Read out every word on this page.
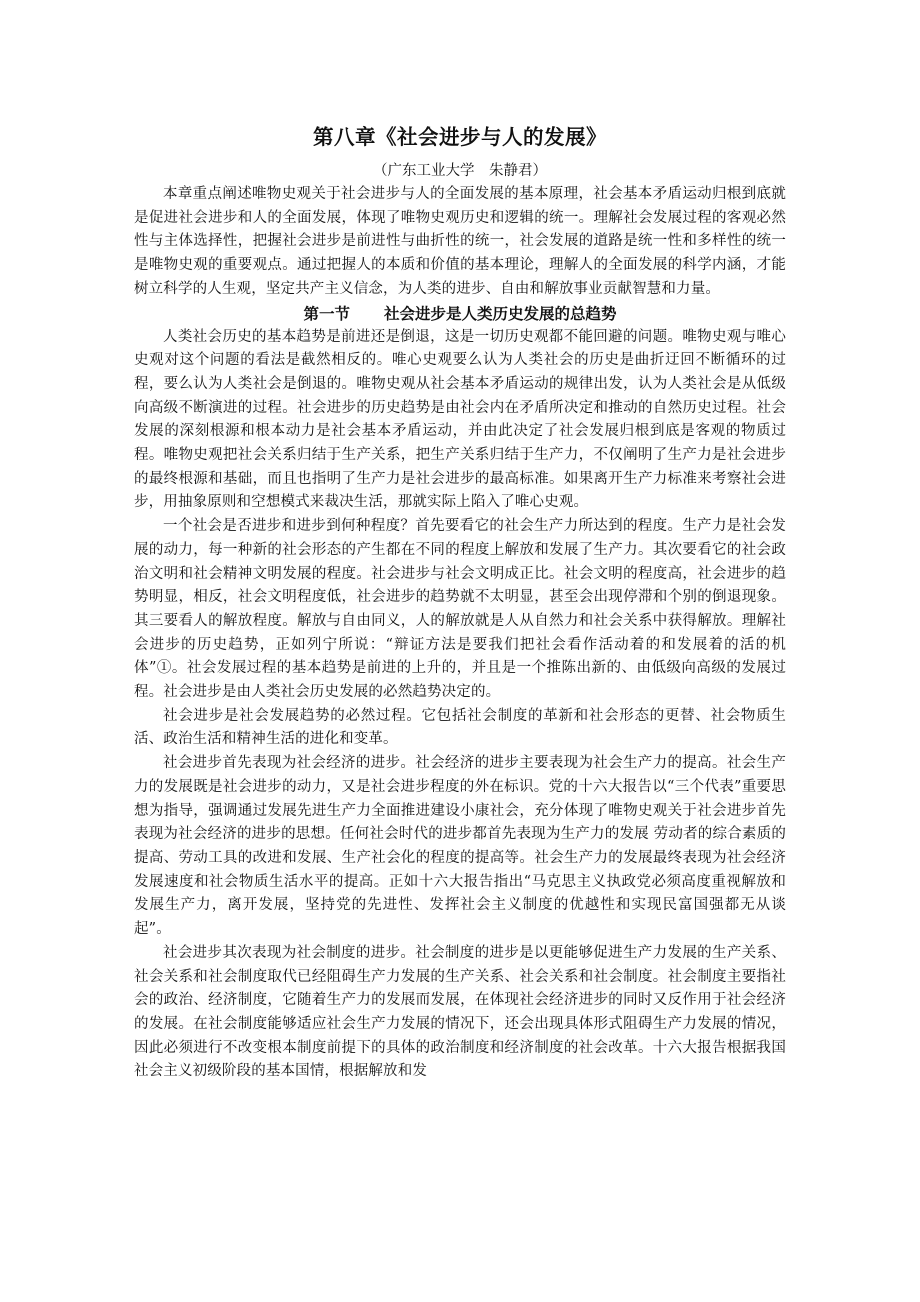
第八章《社会进步与人的发展》

（广东工业大学　朱静君）

本章重点阐述唯物史观关于社会进步与人的全面发展的基本原理，社会基本矛盾运动归根到底就是促进社会进步和人的全面发展，体现了唯物史观历史和逻辑的统一。理解社会发展过程的客观必然性与主体选择性，把握社会进步是前进性与曲折性的统一，社会发展的道路是统一性和多样性的统一是唯物史观的重要观点。通过把握人的本质和价值的基本理论，理解人的全面发展的科学内涵，才能树立科学的人生观，坚定共产主义信念，为人类的进步、自由和解放事业贡献智慧和力量。

第一节 社会进步是人类历史发展的总趋势

人类社会历史的基本趋势是前进还是倒退，这是一切历史观都不能回避的问题。唯物史观与唯心史观对这个问题的看法是截然相反的。唯心史观要么认为人类社会的历史是曲折迂回不断循环的过程，要么认为人类社会是倒退的。唯物史观从社会基本矛盾运动的规律出发，认为人类社会是从低级向高级不断演进的过程。社会进步的历史趋势是由社会内在矛盾所决定和推动的自然历史过程。社会发展的深刻根源和根本动力是社会基本矛盾运动，并由此决定了社会发展归根到底是客观的物质过程。唯物史观把社会关系归结于生产关系，把生产关系归结于生产力，不仅阐明了生产力是社会进步的最终根源和基础，而且也指明了生产力是社会进步的最高标准。如果离开生产力标准来考察社会进步，用抽象原则和空想模式来裁决生活，那就实际上陷入了唯心史观。

一个社会是否进步和进步到何种程度？首先要看它的社会生产力所达到的程度。生产力是社会发展的动力，每一种新的社会形态的产生都在不同的程度上解放和发展了生产力。其次要看它的社会政治文明和社会精神文明发展的程度。社会进步与社会文明成正比。社会文明的程度高，社会进步的趋势明显，相反，社会文明程度低，社会进步的趋势就不太明显，甚至会出现停滞和个别的倒退现象。其三要看人的解放程度。解放与自由同义，人的解放就是人从自然力和社会关系中获得解放。理解社会进步的历史趋势，正如列宁所说：“辩证方法是要我们把社会看作活动着的和发展着的活的机体”①。社会发展过程的基本趋势是前进的上升的，并且是一个推陈出新的、由低级向高级的发展过程。社会进步是由人类社会历史发展的必然趋势决定的。

社会进步是社会发展趋势的必然过程。它包括社会制度的革新和社会形态的更替、社会物质生活、政治生活和精神生活的进化和变革。

社会进步首先表现为社会经济的进步。社会经济的进步主要表现为社会生产力的提高。社会生产力的发展既是社会进步的动力，又是社会进步程度的外在标识。党的十六大报告以“三个代表”重要思想为指导，强调通过发展先进生产力全面推进建设小康社会，充分体现了唯物史观关于社会进步首先表现为社会经济的进步的思想。任何社会时代的进步都首先表现为生产力的发展 劳动者的综合素质的提高、劳动工具的改进和发展、生产社会化的程度的提高等。社会生产力的发展最终表现为社会经济发展速度和社会物质生活水平的提高。正如十六大报告指出“马克思主义执政党必须高度重视解放和发展生产力，离开发展，坚持党的先进性、发挥社会主义制度的优越性和实现民富国强都无从谈起”。

社会进步其次表现为社会制度的进步。社会制度的进步是以更能够促进生产力发展的生产关系、社会关系和社会制度取代已经阻碍生产力发展的生产关系、社会关系和社会制度。社会制度主要指社会的政治、经济制度，它随着生产力的发展而发展，在体现社会经济进步的同时又反作用于社会经济的发展。在社会制度能够适应社会生产力发展的情况下，还会出现具体形式阻碍生产力发展的情况，因此必须进行不改变根本制度前提下的具体的政治制度和经济制度的社会改革。十六大报告根据我国社会主义初级阶段的基本国情，根据解放和发
